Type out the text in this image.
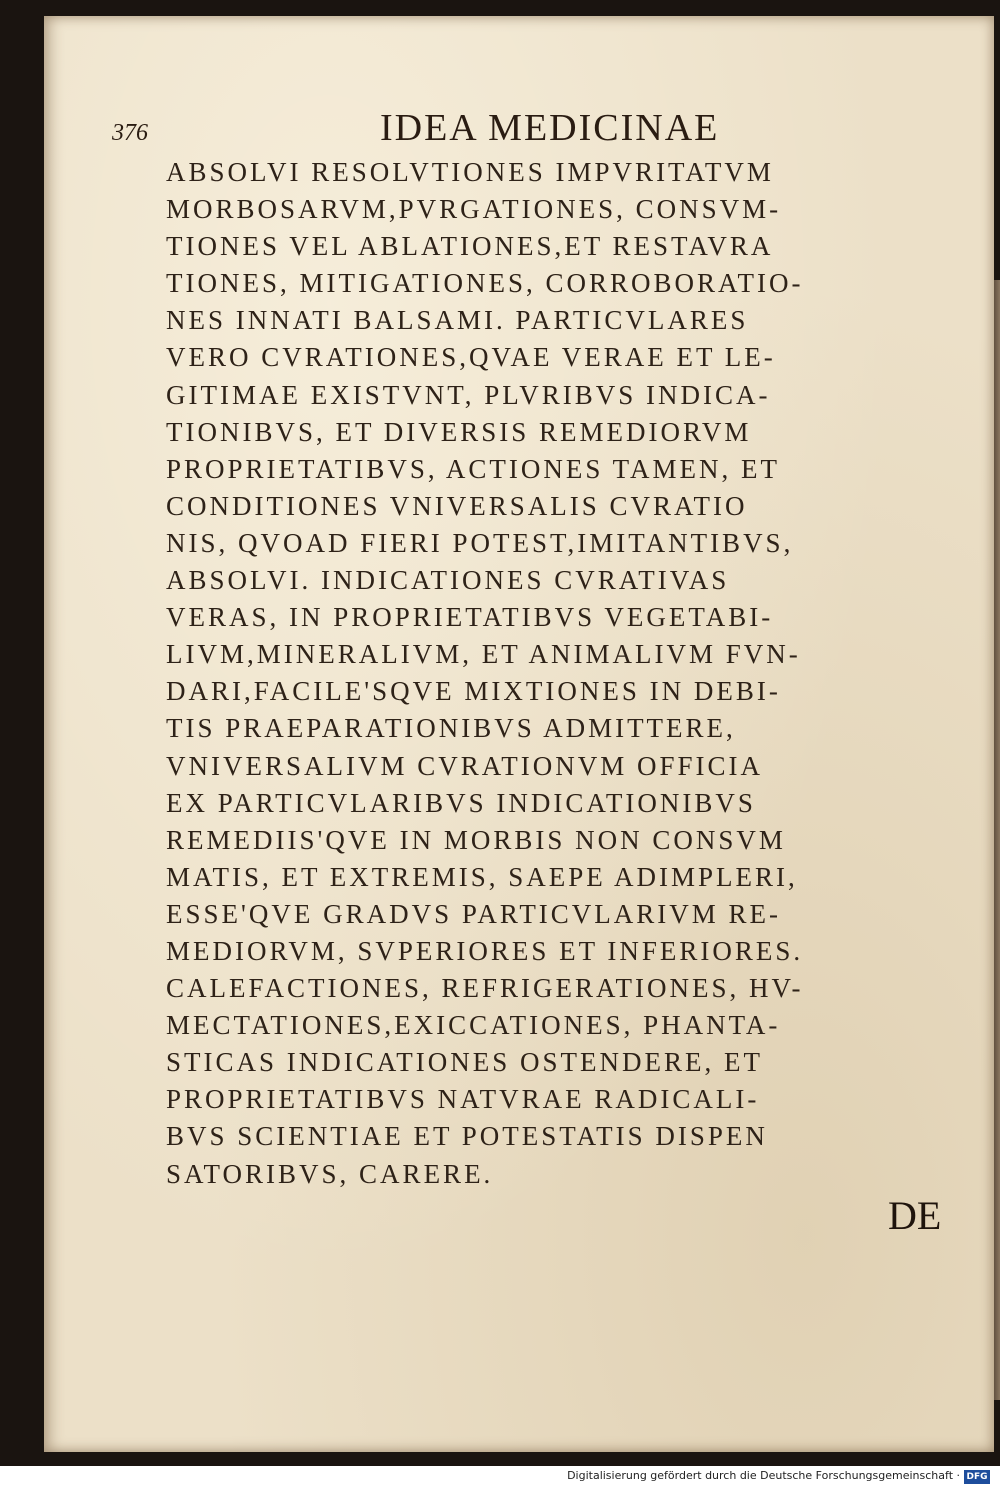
376	IDEA MEDICINAE
ABSOLVI RESOLVTIONES IMPVRITATVM
MORBOSARVM,PVRGATIONES, CONSVM-
TIONES VEL ABLATIONES,ET RESTAVRA
TIONES, MITIGATIONES, CORROBORATIO-
NES INNATI BALSAMI. PARTICVLARES
VERO CVRATIONES,QVAE VERAE ET LE-
GITIMAE EXISTVNT, PLVRIBVS INDICA-
TIONIBVS, ET DIVERSIS REMEDIORVM
PROPRIETATIBVS, ACTIONES TAMEN, ET
CONDITIONES VNIVERSALIS CVRATIO
NIS, QVOAD FIERI POTEST,IMITANTIBVS,
ABSOLVI. INDICATIONES CVRATIVAS
VERAS, IN PROPRIETATIBVS VEGETABI-
LIVM,MINERALIVM, ET ANIMALIVM FVN-
DARI,FACILE'SQVE MIXTIONES IN DEBI-
TIS PRAEPARATIONIBVS ADMITTERE,
VNIVERSALIVM CVRATIONVM OFFICIA
EX PARTICVLARIBVS INDICATIONIBVS
REMEDIIS'QVE IN MORBIS NON CONSVM
MATIS, ET EXTREMIS, SAEPE ADIMPLERI,
ESSE'QVE GRADVS PARTICVLARIVM RE-
MEDIORVM, SVPERIORES ET INFERIORES.
CALEFACTIONES, REFRIGERATIONES, HV-
MECTATIONES,EXICCATIONES, PHANTA-
STICAS INDICATIONES OSTENDERE, ET
PROPRIETATIBVS NATVRAE RADICALI-
BVS SCIENTIAE ET POTESTATIS DISPEN
SATORIBVS, CARERE.
DE
Digitalisierung gefördert durch die Deutsche Forschungsgemeinschaft · DFG
